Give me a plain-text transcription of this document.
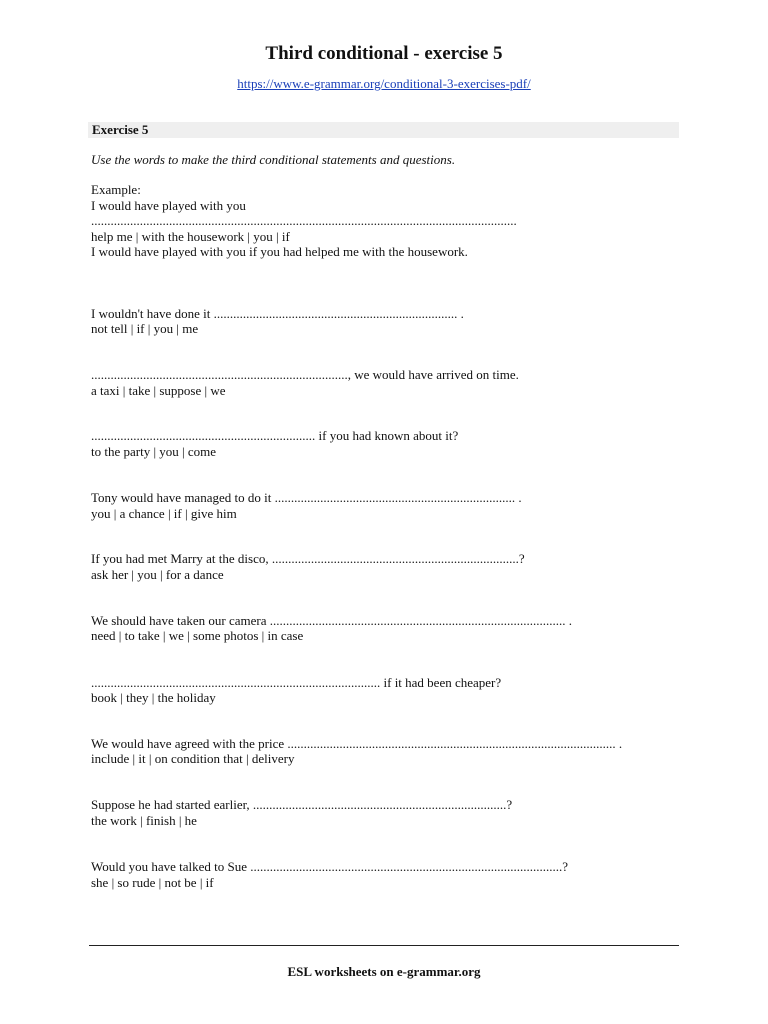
Third conditional - exercise 5
https://www.e-grammar.org/conditional-3-exercises-pdf/
Exercise 5
Use the words to make the third conditional statements and questions.
Example:
I would have played with you
...................................................................................................................................
help me | with the housework | you | if
I would have played with you if you had helped me with the housework.
I wouldn't have done it ........................................................................... .
not tell | if | you | me
..............................................................................., we would have arrived on time.
a taxi | take | suppose | we
..................................................................... if you had known about it?
to the party | you | come
Tony would have managed to do it .......................................................................... .
you | a chance | if | give him
If you had met Marry at the disco, ............................................................................?
ask her | you | for a dance
We should have taken our camera ........................................................................................... .
need | to take | we | some photos | in case
......................................................................................... if it had been cheaper?
book | they | the holiday
We would have agreed with the price ..................................................................................................... .
include | it | on condition that | delivery
Suppose he had started earlier, ..............................................................................?
the work | finish | he
Would you have talked to Sue ................................................................................................?
she | so rude | not be | if
ESL worksheets on e-grammar.org
